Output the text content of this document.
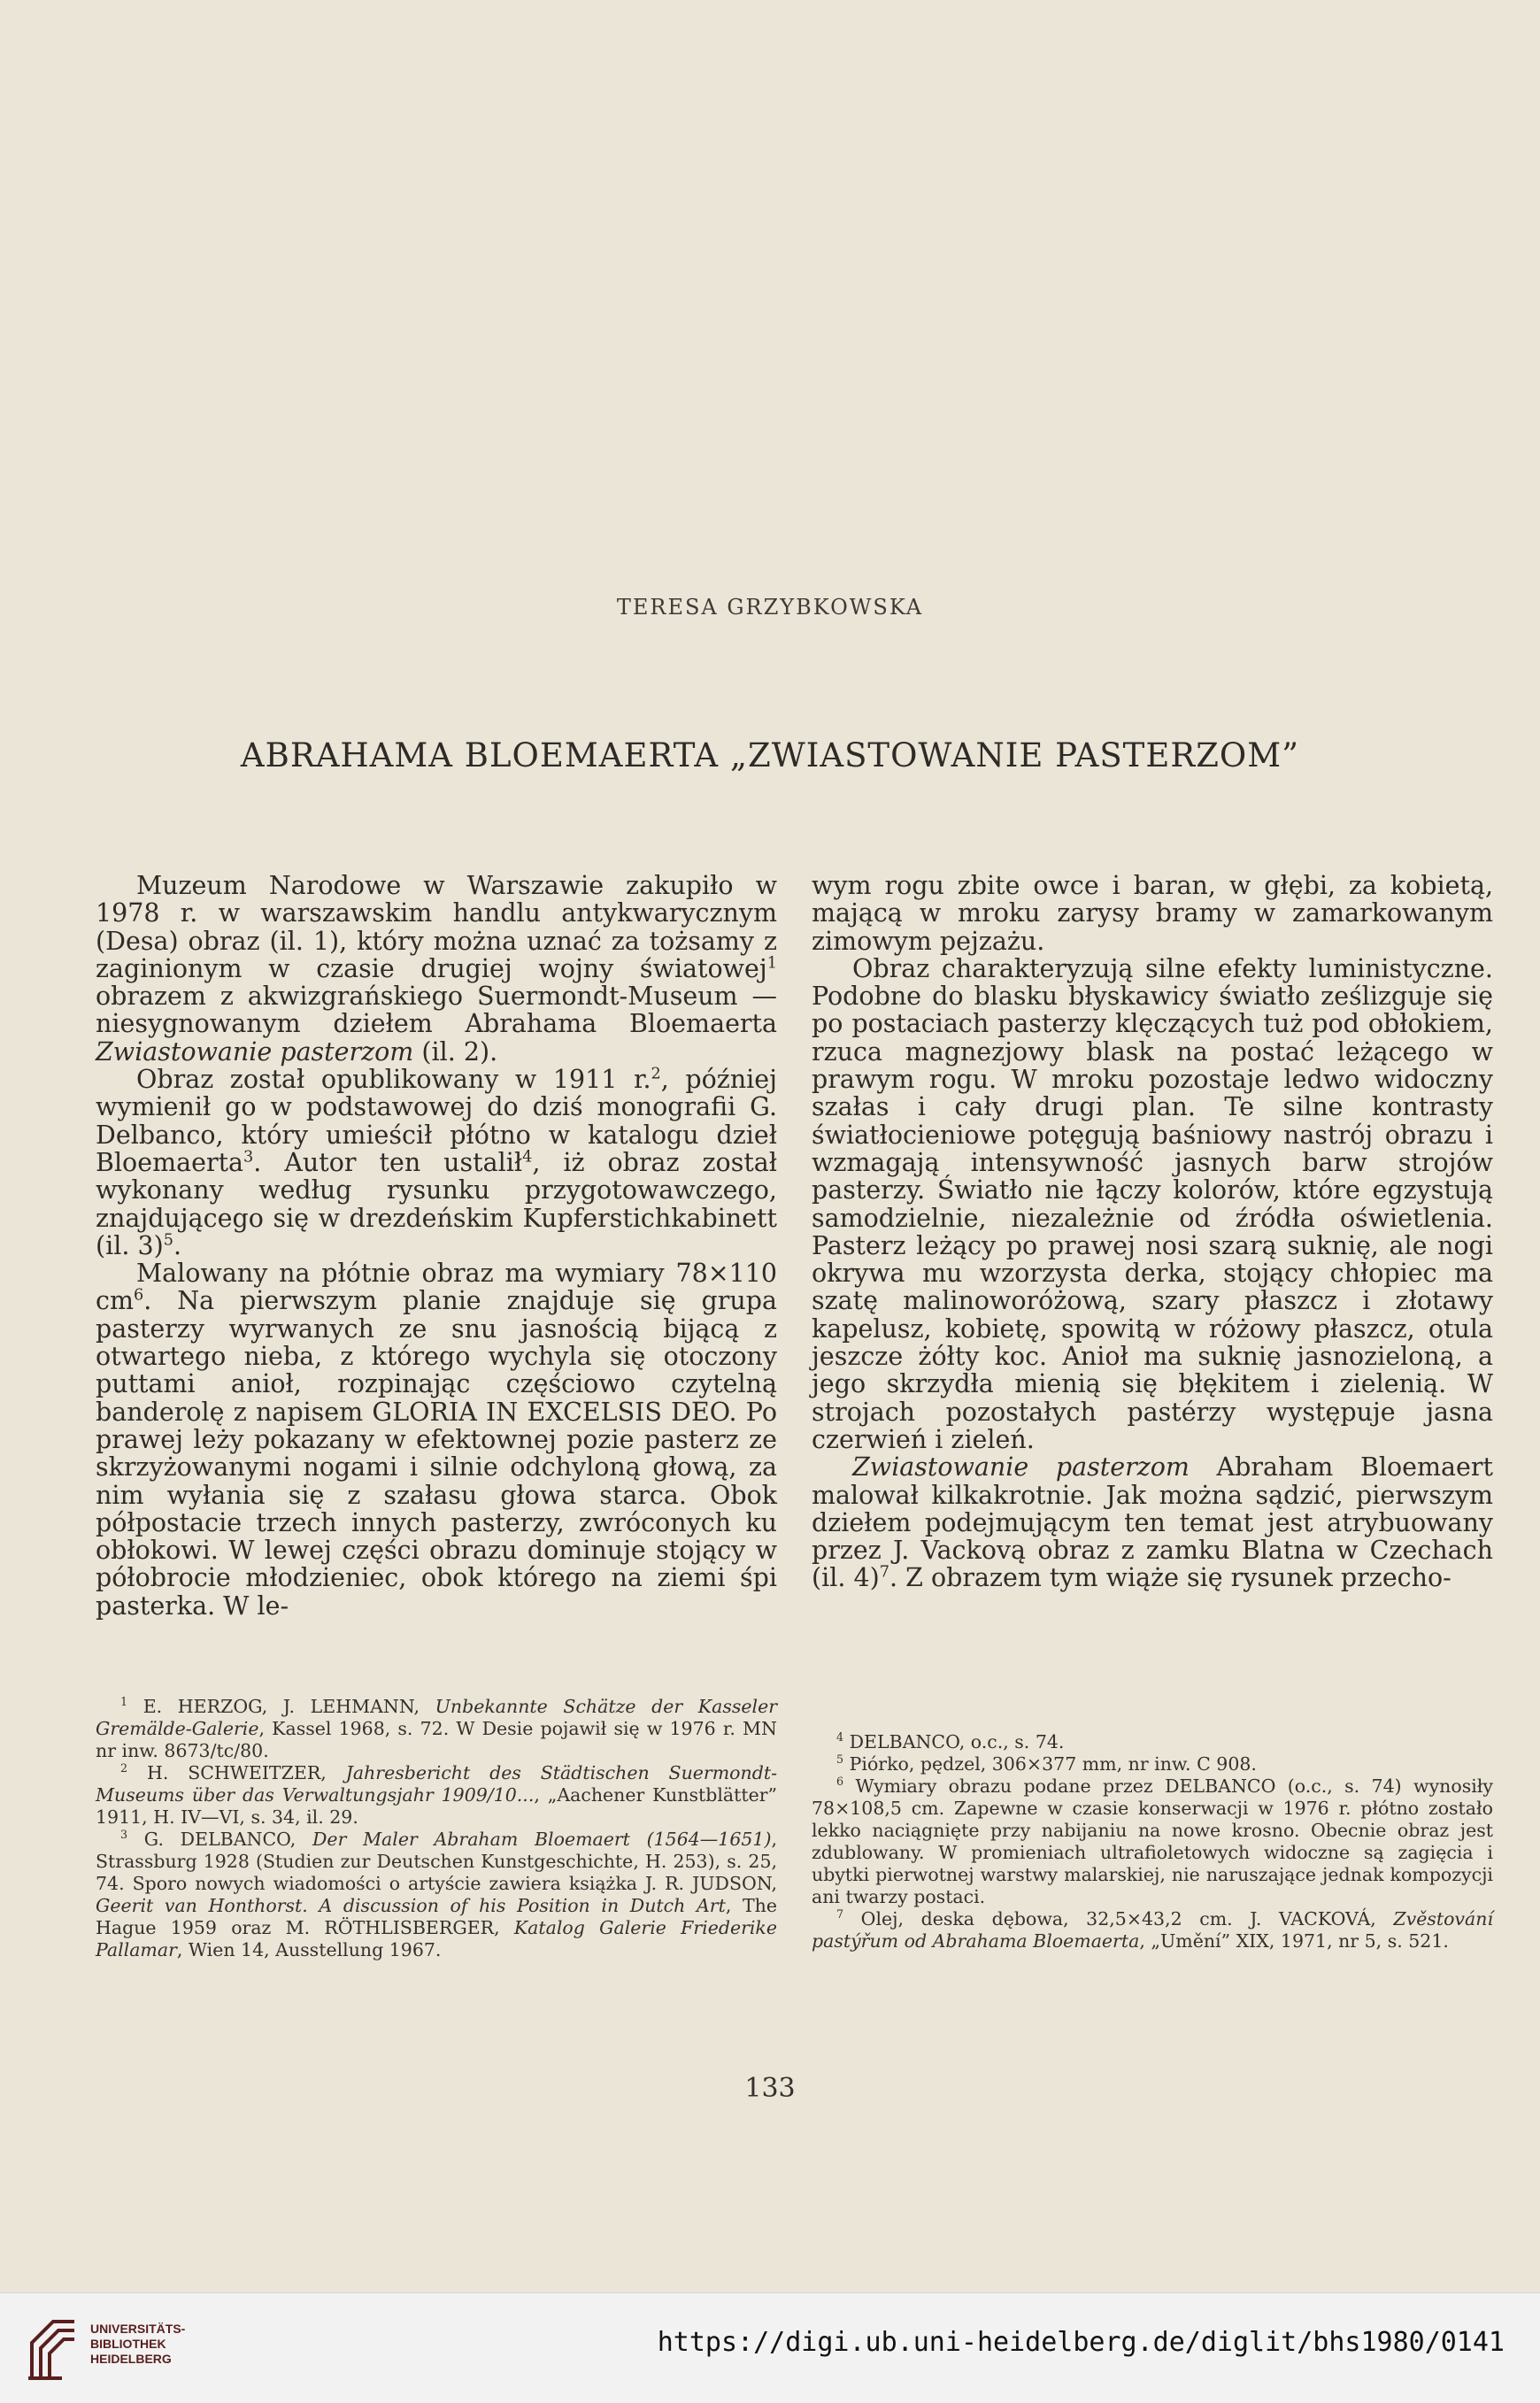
TERESA GRZYBKOWSKA
ABRAHAMA BLOEMAERTA „ZWIASTOWANIE PASTERZOM”

Muzeum Narodowe w Warszawie zakupiło w 1978 r. w warszawskim handlu antykwarycznym (Desa) obraz (il. 1), który można uznać za tożsamy z zaginionym w czasie drugiej wojny światowej$^1$ obrazem z akwizgrańskiego Suermondt-Museum — niesygnowanym dziełem Abrahama Bloemaerta Zwiastowanie pasterzom (il. 2).

Obraz został opublikowany w 1911 r.$^2$, później wymienił go w podstawowej do dziś monografii G. Delbanco, który umieścił płótno w katalogu dzieł Bloemaerta$^3$. Autor ten ustalił$^4$, iż obraz został wykonany według rysunku przygotowawczego, znajdującego się w drezdeńskim Kupferstichkabinett (il. 3)$^5$.

Malowany na płótnie obraz ma wymiary 78×110 $cm^6$. Na pierwszym planie znajduje się grupa pasterzy wyrwanych ze snu jasnością bijącą z otwartego nieba, z którego wychyla się otoczony puttami anioł, rozpinając częściowo czytelną banderolę z napisem GLORIA IN EXCELSIS DEO. Po prawej leży pokazany w efektownej pozie pasterz ze skrzyżowanymi nogami i silnie odchyloną głową, za nim wyłania się z szałasu głowa starca. Obok półpostacie trzech innych pasterzy, zwróconych ku obłokowi. W lewej części obrazu dominuje stojący w półobrocie młodzieniec, obok którego na ziemi śpi pasterka. W le-

wym rogu zbite owce i baran, w głębi, za kobietą, mającą w mroku zarysy bramy w zamarkowanym zimowym pejzażu.

Obraz charakteryzują silne efekty luministyczne. Podobne do blasku błyskawicy światło ześlizguje się po postaciach pasterzy klęczących tuż pod obłokiem, rzuca magnezjowy blask na postać leżącego w prawym rogu. W mroku pozostaje ledwo widoczny szałas i cały drugi plan. Te silne kontrasty światłocieniowe potęgują baśniowy nastrój obrazu i wzmagają intensywność jasnych barw strojów pasterzy. Światło nie łączy kolorów, które egzystują samodzielnie, niezależnie od źródła oświetlenia. Pasterz leżący po prawej nosi szarą suknię, ale nogi okrywa mu wzorzysta derka, stojący chłopiec ma szatę malinoworóżową, szary płaszcz i złotawy kapelusz, kobietę, spowitą w różowy płaszcz, otula jeszcze żółty koc. Anioł ma suknię jasnozieloną, a jego skrzydła mienią się błękitem i zielenią. W strojach pozostałych pastérzy występuje jasna czerwień i zieleń.

Zwiastowanie pasterzom Abraham Bloemaert malował kilkakrotnie. Jak można sądzić, pierwszym dziełem podejmującym ten temat jest atrybuowany przez J. Vackovą obraz z zamku Blatna w Czechach (il. 4)$^7$. Z obrazem tym wiąże się rysunek przecho-

$^1$ E. HERZOG, J. LEHMANN, Unbekannte Schätze der Kasseler Gremälde-Galerie, Kassel 1968, s. 72. W Desie pojawił się w 1976 r. MN nr inw. 8673/tc/80.

$^2$ H. SCHWEITZER, Jahresbericht des Städtischen Suermondt-Museums über das Verwaltungsjahr 1909/10..., „Aachener Kunstblätter” 1911, H. IV—VI, s. 34, il. 29.

$^3$ G. DELBANCO, Der Maler Abraham Bloemaert (1564—1651), Strassburg 1928 (Studien zur Deutschen Kunstgeschichte, H. 253), s. 25, 74. Sporo nowych wiadomości o artyście zawiera książka J. R. JUDSON, Geerit van Honthorst. A discussion of his Position in Dutch Art, The Hague 1959 oraz M. RÖTHLISBERGER, Katalog Galerie Friederike Pallamar, Wien 14, Ausstellung 1967.

$^4$ DELBANCO, o.c., s. 74.

$^5$ Piórko, pędzel, 306×377 mm, nr inw. C 908.

$^6$ Wymiary obrazu podane przez DELBANCO (o.c., s. 74) wynosiły 78×108,5 cm. Zapewne w czasie konserwacji w 1976 r. płótno zostało lekko naciągnięte przy nabijaniu na nowe krosno. Obecnie obraz jest zdublowany. W promieniach ultrafioletowych widoczne są zagięcia i ubytki pierwotnej warstwy malarskiej, nie naruszające jednak kompozycji ani twarzy postaci.

$^7$ Olej, deska dębowa, 32,5×43,2 cm. J. VACKOVÁ, Zvěstování pastýřum od Abrahama Bloemaerta, „Umění” XIX, 1971, nr 5, s. 521.

133
UNIVERSITÄTS-
BIBLIOTHEK
HEIDELBERG
https://digi.ub.uni-heidelberg.de/diglit/bhs1980/0141
